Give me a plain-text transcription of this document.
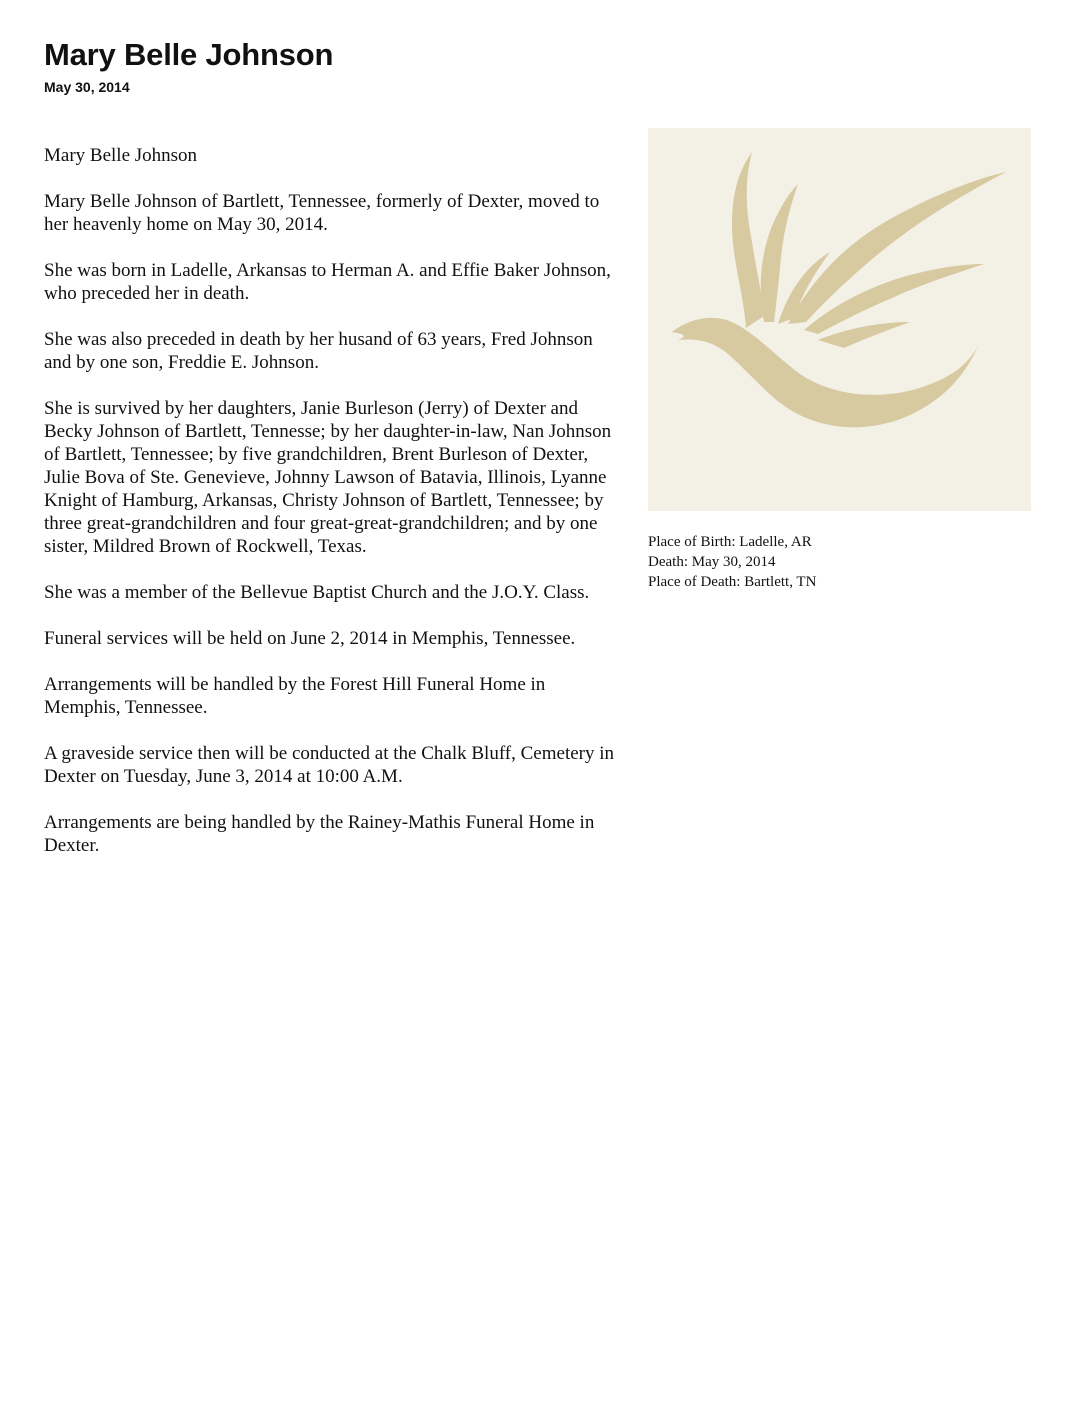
Mary Belle Johnson
May 30, 2014

Mary Belle Johnson

Mary Belle Johnson of Bartlett, Tennessee, formerly of Dexter, moved to her heavenly home on May 30, 2014.

She was born in Ladelle, Arkansas to Herman A. and Effie Baker Johnson, who preceded her in death.

She was also preceded in death by her husand of 63 years, Fred Johnson and by one son, Freddie E. Johnson.

She is survived by her daughters, Janie Burleson (Jerry) of Dexter and Becky Johnson of Bartlett, Tennesse; by her daughter-in-law, Nan Johnson of Bartlett, Tennessee; by five grandchildren, Brent Burleson of Dexter, Julie Bova of Ste. Genevieve, Johnny Lawson of Batavia, Illinois, Lyanne Knight of Hamburg, Arkansas, Christy Johnson of Bartlett, Tennessee; by three great-grandchildren and four great-great-grandchildren; and by one sister, Mildred Brown of Rockwell, Texas.

She was a member of the Bellevue Baptist Church and the J.O.Y. Class.

Funeral services will be held on June 2, 2014 in Memphis, Tennessee.

Arrangements will be handled by the Forest Hill Funeral Home in Memphis, Tennessee.

A graveside service then will be conducted at the Chalk Bluff, Cemetery in Dexter on Tuesday, June 3, 2014 at 10:00 A.M.

Arrangements are being handled by the Rainey-Mathis Funeral Home in Dexter.

Place of Birth: Ladelle, AR
Death: May 30, 2014
Place of Death: Bartlett, TN
